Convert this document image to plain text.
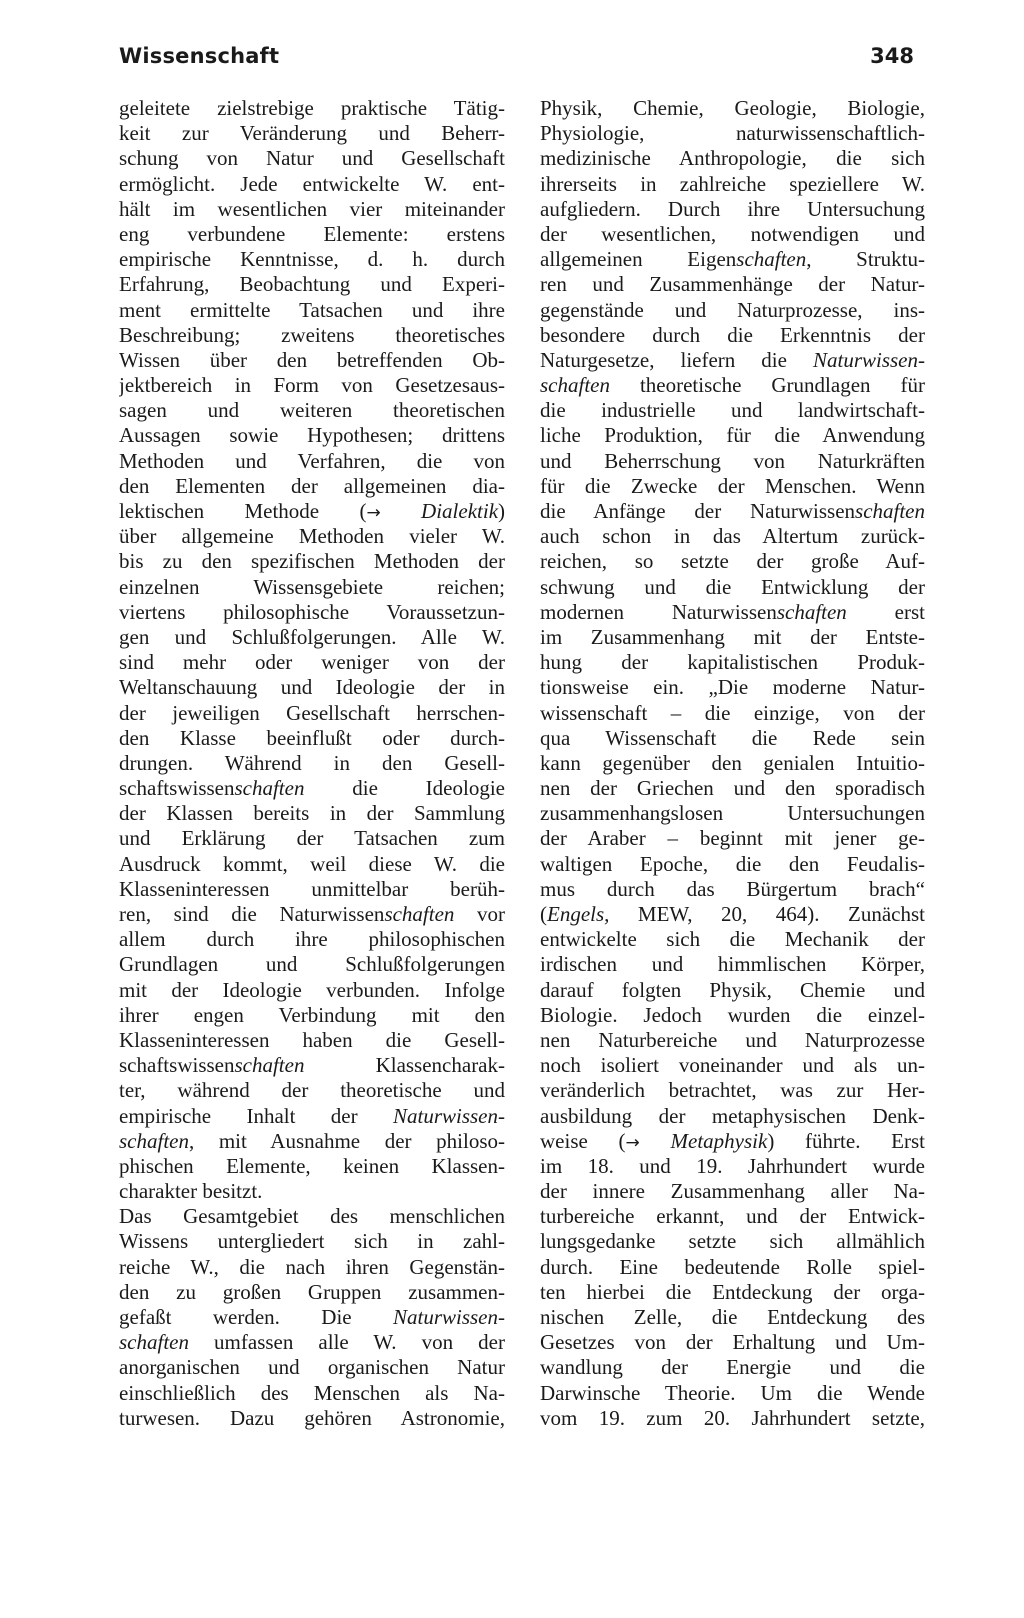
Wissenschaft	348
geleitete zielstrebige praktische Tätig-
keit zur Veränderung und Beherr-
schung von Natur und Gesellschaft
ermöglicht. Jede entwickelte W. ent-
hält im wesentlichen vier miteinander
eng verbundene Elemente: erstens
empirische Kenntnisse, d. h. durch
Erfahrung, Beobachtung und Experi-
ment ermittelte Tatsachen und ihre
Beschreibung; zweitens theoretisches
Wissen über den betreffenden Ob-
jektbereich in Form von Gesetzesaus-
sagen und weiteren theoretischen
Aussagen sowie Hypothesen; drittens
Methoden und Verfahren, die von
den Elementen der allgemeinen dia-
lektischen Methode (→ Dialektik)
über allgemeine Methoden vieler W.
bis zu den spezifischen Methoden der
einzelnen Wissensgebiete reichen;
viertens philosophische Voraussetzun-
gen und Schlußfolgerungen. Alle W.
sind mehr oder weniger von der
Weltanschauung und Ideologie der in
der jeweiligen Gesellschaft herrschen-
den Klasse beeinflußt oder durch-
drungen. Während in den Gesell-
schaftswissenschaften die Ideologie
der Klassen bereits in der Sammlung
und Erklärung der Tatsachen zum
Ausdruck kommt, weil diese W. die
Klasseninteressen unmittelbar berüh-
ren, sind die Naturwissenschaften vor
allem durch ihre philosophischen
Grundlagen und Schlußfolgerungen
mit der Ideologie verbunden. Infolge
ihrer engen Verbindung mit den
Klasseninteressen haben die Gesell-
schaftswissenschaften Klassencharak-
ter, während der theoretische und
empirische Inhalt der Naturwissen-
schaften, mit Ausnahme der philoso-
phischen Elemente, keinen Klassen-
charakter besitzt.
Das Gesamtgebiet des menschlichen
Wissens untergliedert sich in zahl-
reiche W., die nach ihren Gegenstän-
den zu großen Gruppen zusammen-
gefaßt werden. Die Naturwissen-
schaften umfassen alle W. von der
anorganischen und organischen Natur
einschließlich des Menschen als Na-
turwesen. Dazu gehören Astronomie,
Physik, Chemie, Geologie, Biologie,
Physiologie, naturwissenschaftlich-
medizinische Anthropologie, die sich
ihrerseits in zahlreiche speziellere W.
aufgliedern. Durch ihre Untersuchung
der wesentlichen, notwendigen und
allgemeinen Eigenschaften, Struktu-
ren und Zusammenhänge der Natur-
gegenstände und Naturprozesse, ins-
besondere durch die Erkenntnis der
Naturgesetze, liefern die Naturwissen-
schaften theoretische Grundlagen für
die industrielle und landwirtschaft-
liche Produktion, für die Anwendung
und Beherrschung von Naturkräften
für die Zwecke der Menschen. Wenn
die Anfänge der Naturwissenschaften
auch schon in das Altertum zurück-
reichen, so setzte der große Auf-
schwung und die Entwicklung der
modernen Naturwissenschaften erst
im Zusammenhang mit der Entste-
hung der kapitalistischen Produk-
tionsweise ein. „Die moderne Natur-
wissenschaft – die einzige, von der
qua Wissenschaft die Rede sein
kann gegenüber den genialen Intuitio-
nen der Griechen und den sporadisch
zusammenhangslosen Untersuchungen
der Araber – beginnt mit jener ge-
waltigen Epoche, die den Feudalis-
mus durch das Bürgertum brach“
(Engels, MEW, 20, 464). Zunächst
entwickelte sich die Mechanik der
irdischen und himmlischen Körper,
darauf folgten Physik, Chemie und
Biologie. Jedoch wurden die einzel-
nen Naturbereiche und Naturprozesse
noch isoliert voneinander und als un-
veränderlich betrachtet, was zur Her-
ausbildung der metaphysischen Denk-
weise (→ Metaphysik) führte. Erst
im 18. und 19. Jahrhundert wurde
der innere Zusammenhang aller Na-
turbereiche erkannt, und der Entwick-
lungsgedanke setzte sich allmählich
durch. Eine bedeutende Rolle spiel-
ten hierbei die Entdeckung der orga-
nischen Zelle, die Entdeckung des
Gesetzes von der Erhaltung und Um-
wandlung der Energie und die
Darwinsche Theorie. Um die Wende
vom 19. zum 20. Jahrhundert setzte,
